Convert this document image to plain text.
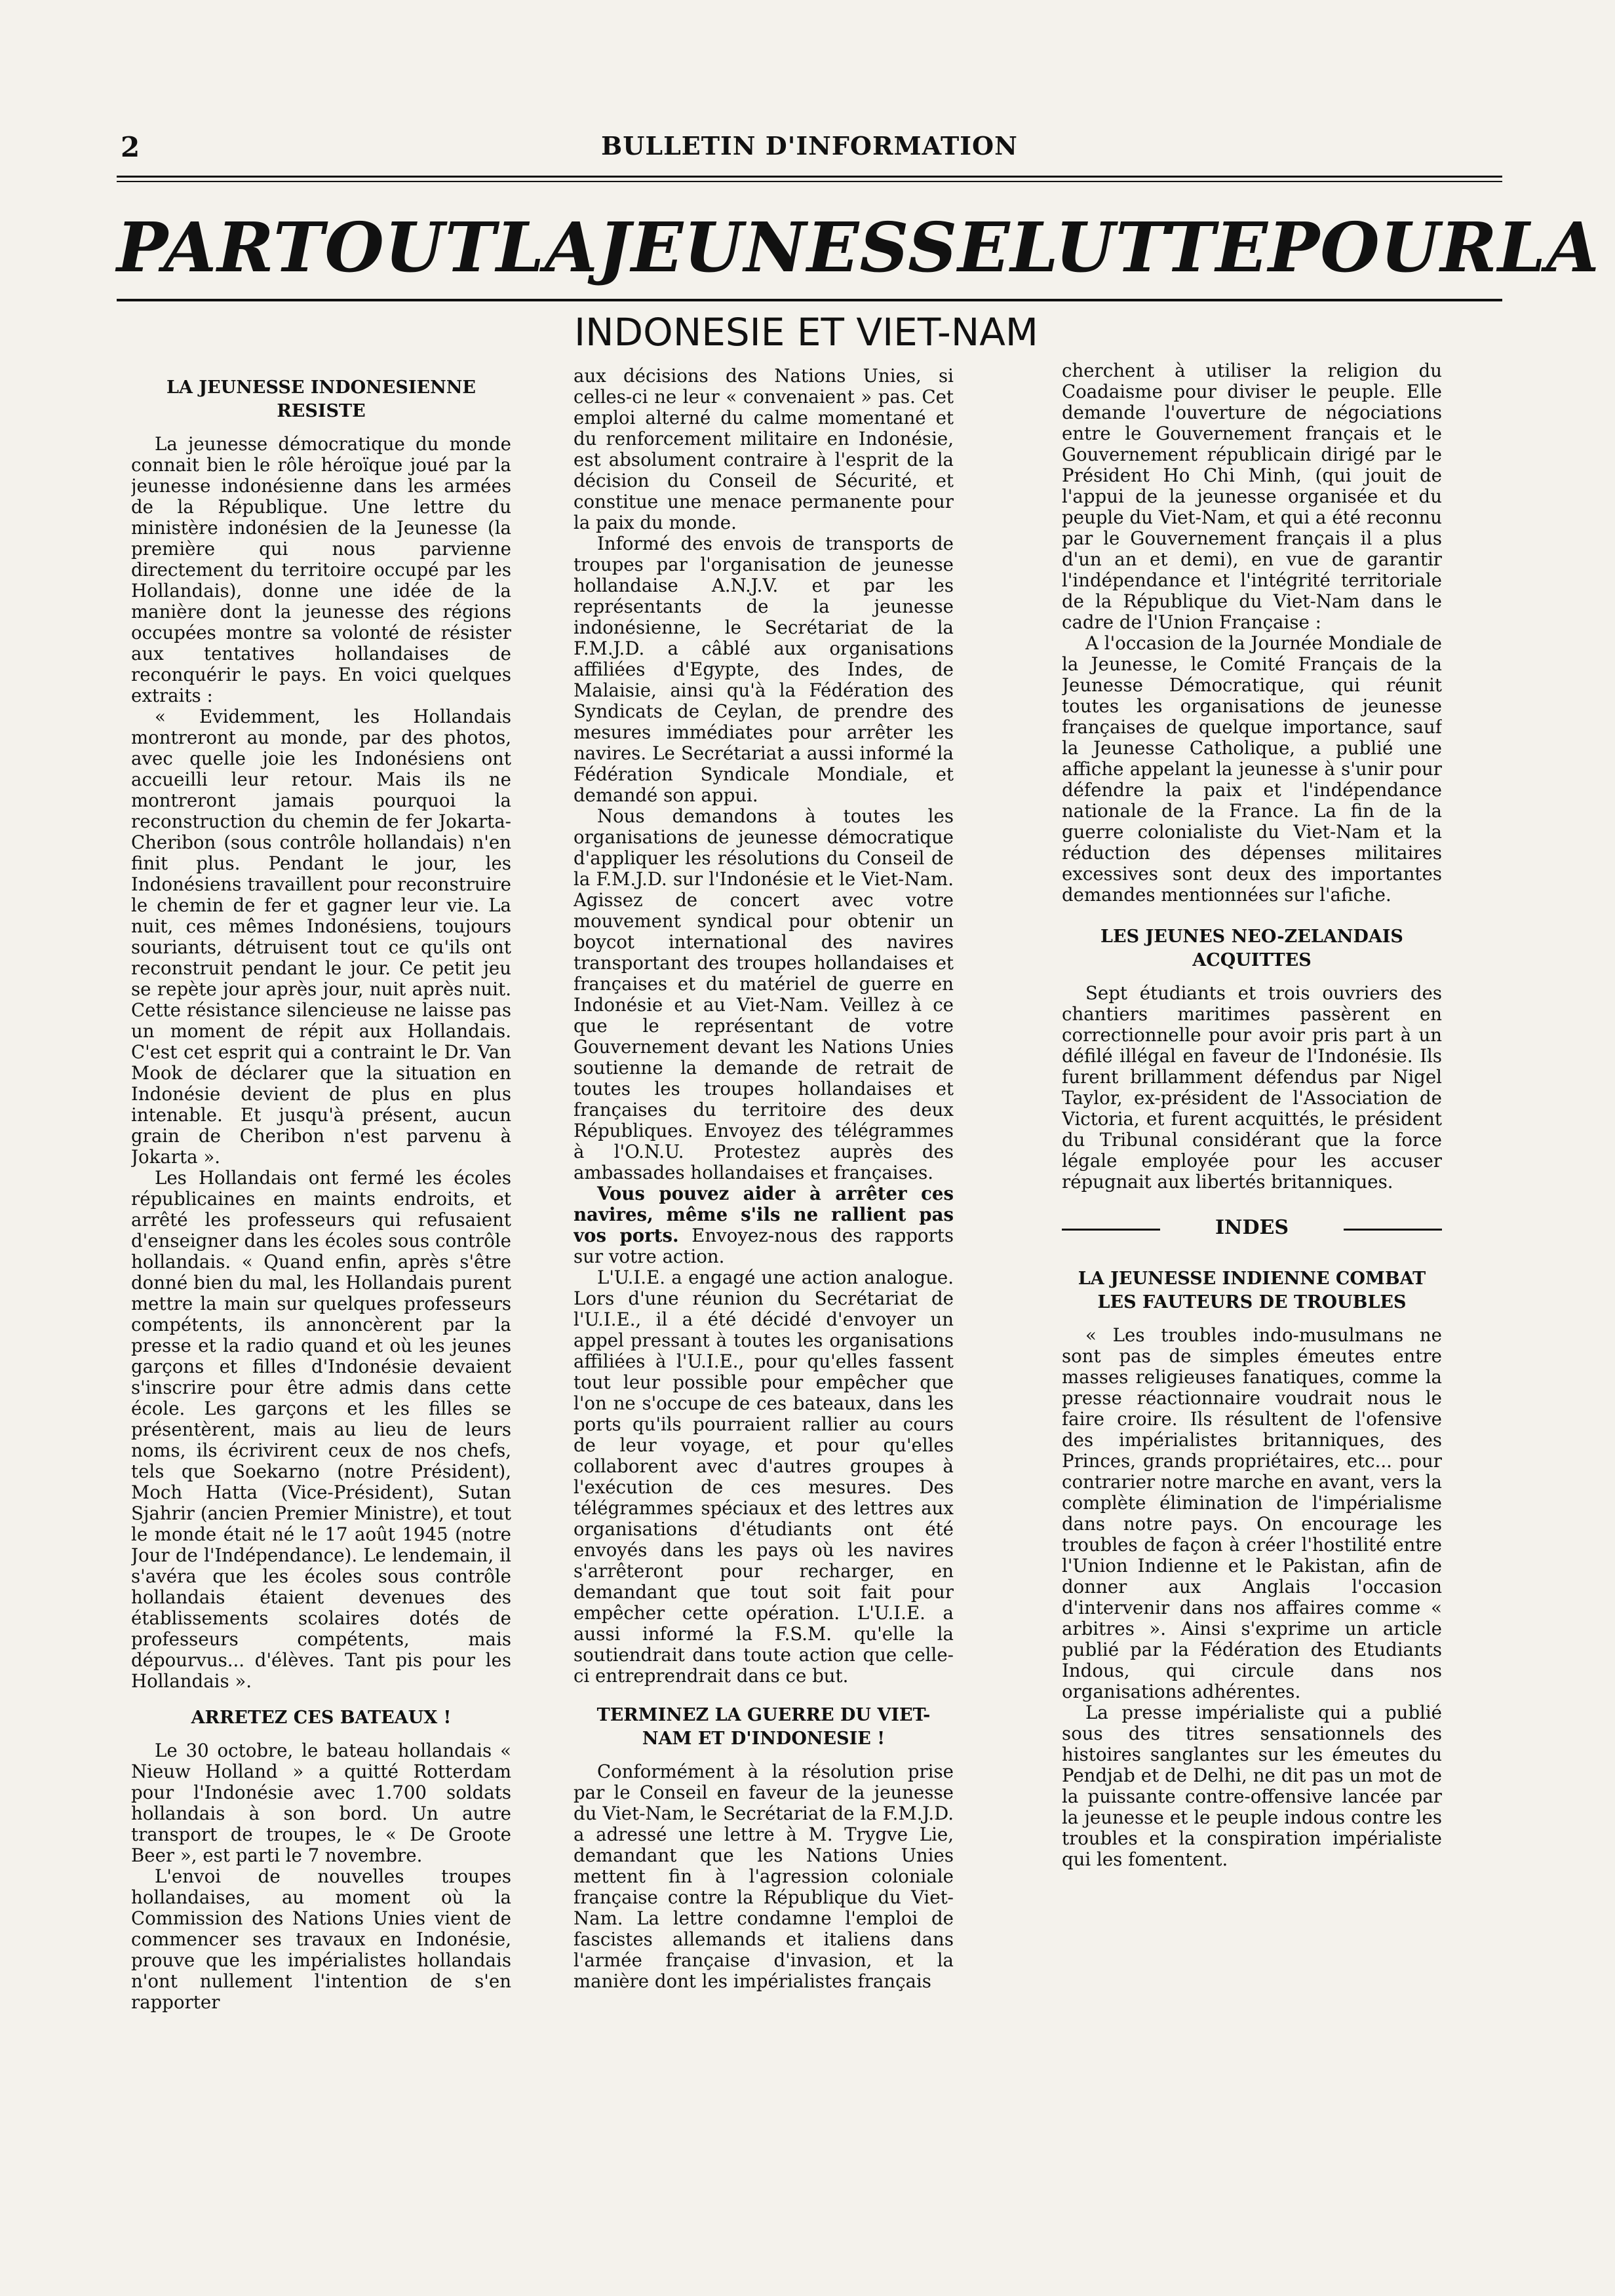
2	BULLETIN D'INFORMATION
PARTOUT LA JEUNESSE LUTTE POUR LA
INDONESIE ET VIET-NAM
LA JEUNESSE INDONESIENNE RESISTE

La jeunesse démocratique du monde connait bien le rôle héroïque joué par la jeunesse indonésienne dans les armées de la République. Une lettre du ministère indonésien de la Jeunesse (la première qui nous parvienne directement du territoire occupé par les Hollandais), donne une idée de la manière dont la jeunesse des régions occupées montre sa volonté de résister aux tentatives hollandaises de reconquérir le pays. En voici quelques extraits :

« Evidemment, les Hollandais montreront au monde, par des photos, avec quelle joie les Indonésiens ont accueilli leur retour. Mais ils ne montreront jamais pourquoi la reconstruction du chemin de fer Jokarta-Cheribon (sous contrôle hollandais) n'en finit plus. Pendant le jour, les Indonésiens travaillent pour reconstruire le chemin de fer et gagner leur vie. La nuit, ces mêmes Indonésiens, toujours souriants, détruisent tout ce qu'ils ont reconstruit pendant le jour. Ce petit jeu se repète jour après jour, nuit après nuit. Cette résistance silencieuse ne laisse pas un moment de répit aux Hollandais. C'est cet esprit qui a contraint le Dr. Van Mook de déclarer que la situation en Indonésie devient de plus en plus intenable. Et jusqu'à présent, aucun grain de Cheribon n'est parvenu à Jokarta ».

Les Hollandais ont fermé les écoles républicaines en maints endroits, et arrêté les professeurs qui refusaient d'enseigner dans les écoles sous contrôle hollandais. « Quand enfin, après s'être donné bien du mal, les Hollandais purent mettre la main sur quelques professeurs compétents, ils annoncèrent par la presse et la radio quand et où les jeunes garçons et filles d'Indonésie devaient s'inscrire pour être admis dans cette école. Les garçons et les filles se présentèrent, mais au lieu de leurs noms, ils écrivirent ceux de nos chefs, tels que Soekarno (notre Président), Moch Hatta (Vice-Président), Sutan Sjahrir (ancien Premier Ministre), et tout le monde était né le 17 août 1945 (notre Jour de l'Indépendance). Le lendemain, il s'avéra que les écoles sous contrôle hollandais étaient devenues des établissements scolaires dotés de professeurs compétents, mais dépourvus... d'élèves. Tant pis pour les Hollandais ».

ARRETEZ CES BATEAUX !

Le 30 octobre, le bateau hollandais « Nieuw Holland » a quitté Rotterdam pour l'Indonésie avec 1.700 soldats hollandais à son bord. Un autre transport de troupes, le « De Groote Beer », est parti le 7 novembre.

L'envoi de nouvelles troupes hollandaises, au moment où la Commission des Nations Unies vient de commencer ses travaux en Indonésie, prouve que les impérialistes hollandais n'ont nullement l'intention de s'en rapporter

aux décisions des Nations Unies, si celles-ci ne leur « convenaient » pas. Cet emploi alterné du calme momentané et du renforcement militaire en Indonésie, est absolument contraire à l'esprit de la décision du Conseil de Sécurité, et constitue une menace permanente pour la paix du monde.

Informé des envois de transports de troupes par l'organisation de jeunesse hollandaise A.N.J.V. et par les représentants de la jeunesse indonésienne, le Secrétariat de la F.M.J.D. a câblé aux organisations affiliées d'Egypte, des Indes, de Malaisie, ainsi qu'à la Fédération des Syndicats de Ceylan, de prendre des mesures immédiates pour arrêter les navires. Le Secrétariat a aussi informé la Fédération Syndicale Mondiale, et demandé son appui.

Nous demandons à toutes les organisations de jeunesse démocratique d'appliquer les résolutions du Conseil de la F.M.J.D. sur l'Indonésie et le Viet-Nam. Agissez de concert avec votre mouvement syndical pour obtenir un boycot international des navires transportant des troupes hollandaises et françaises et du matériel de guerre en Indonésie et au Viet-Nam. Veillez à ce que le représentant de votre Gouvernement devant les Nations Unies soutienne la demande de retrait de toutes les troupes hollandaises et françaises du territoire des deux Républiques. Envoyez des télégrammes à l'O.N.U. Protestez auprès des ambassades hollandaises et françaises.

Vous pouvez aider à arrêter ces navires, même s'ils ne rallient pas vos ports. Envoyez-nous des rapports sur votre action.

L'U.I.E. a engagé une action analogue. Lors d'une réunion du Secrétariat de l'U.I.E., il a été décidé d'envoyer un appel pressant à toutes les organisations affiliées à l'U.I.E., pour qu'elles fassent tout leur possible pour empêcher que l'on ne s'occupe de ces bateaux, dans les ports qu'ils pourraient rallier au cours de leur voyage, et pour qu'elles collaborent avec d'autres groupes à l'exécution de ces mesures. Des télégrammes spéciaux et des lettres aux organisations d'étudiants ont été envoyés dans les pays où les navires s'arrêteront pour recharger, en demandant que tout soit fait pour empêcher cette opération. L'U.I.E. a aussi informé la F.S.M. qu'elle la soutiendrait dans toute action que celle-ci entreprendrait dans ce but.

TERMINEZ LA GUERRE DU VIET-NAM ET D'INDONESIE !

Conformément à la résolution prise par le Conseil en faveur de la jeunesse du Viet-Nam, le Secrétariat de la F.M.J.D. a adressé une lettre à M. Trygve Lie, demandant que les Nations Unies mettent fin à l'agression coloniale française contre la République du Viet-Nam. La lettre condamne l'emploi de fascistes allemands et italiens dans l'armée française d'invasion, et la manière dont les impérialistes français

cherchent à utiliser la religion du Coadaisme pour diviser le peuple. Elle demande l'ouverture de négociations entre le Gouvernement français et le Gouvernement républicain dirigé par le Président Ho Chi Minh, (qui jouit de l'appui de la jeunesse organisée et du peuple du Viet-Nam, et qui a été reconnu par le Gouvernement français il a plus d'un an et demi), en vue de garantir l'indépendance et l'intégrité territoriale de la République du Viet-Nam dans le cadre de l'Union Française :

A l'occasion de la Journée Mondiale de la Jeunesse, le Comité Français de la Jeunesse Démocratique, qui réunit toutes les organisations de jeunesse françaises de quelque importance, sauf la Jeunesse Catholique, a publié une affiche appelant la jeunesse à s'unir pour défendre la paix et l'indépendance nationale de la France. La fin de la guerre colonialiste du Viet-Nam et la réduction des dépenses militaires excessives sont deux des importantes demandes mentionnées sur l'afiche.

LES JEUNES NEO-ZELANDAIS ACQUITTES

Sept étudiants et trois ouvriers des chantiers maritimes passèrent en correctionnelle pour avoir pris part à un défilé illégal en faveur de l'Indonésie. Ils furent brillamment défendus par Nigel Taylor, ex-président de l'Association de Victoria, et furent acquittés, le président du Tribunal considérant que la force légale employée pour les accuser répugnait aux libertés britanniques.

INDES
LA JEUNESSE INDIENNE COMBAT LES FAUTEURS DE TROUBLES

« Les troubles indo-musulmans ne sont pas de simples émeutes entre masses religieuses fanatiques, comme la presse réactionnaire voudrait nous le faire croire. Ils résultent de l'ofensive des impérialistes britanniques, des Princes, grands propriétaires, etc... pour contrarier notre marche en avant, vers la complète élimination de l'impérialisme dans notre pays. On encourage les troubles de façon à créer l'hostilité entre l'Union Indienne et le Pakistan, afin de donner aux Anglais l'occasion d'intervenir dans nos affaires comme « arbitres ». Ainsi s'exprime un article publié par la Fédération des Etudiants Indous, qui circule dans nos organisations adhérentes.

La presse impérialiste qui a publié sous des titres sensationnels des histoires sanglantes sur les émeutes du Pendjab et de Delhi, ne dit pas un mot de la puissante contre-offensive lancée par la jeunesse et le peuple indous contre les troubles et la conspiration impérialiste qui les fomentent.
